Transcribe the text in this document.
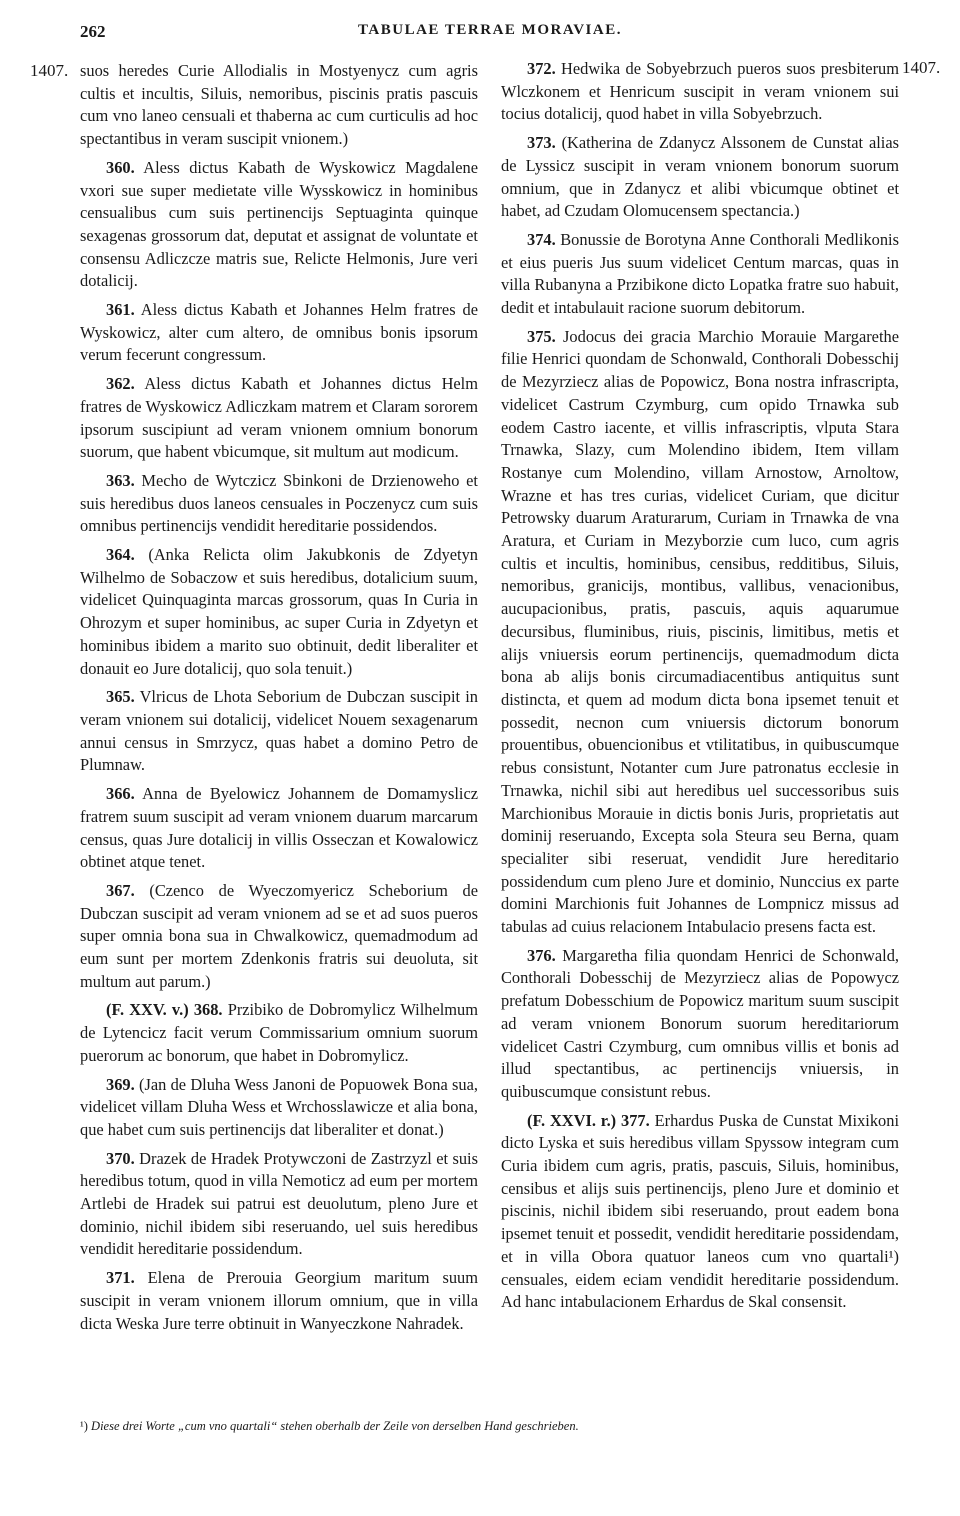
262	TABULAE TERRAE MORAVIAE.
1407.	1407.

suos heredes Curie Allodialis in Mostyenycz cum agris cultis et incultis, Siluis, nemoribus, piscinis pratis pascuis cum vno laneo censuali et thaberna ac cum curticulis ad hoc spectantibus in veram suscipit vnionem.)

360. Aless dictus Kabath de Wyskowicz Magdalene vxori sue super medietate ville Wysskowicz in hominibus censualibus cum suis pertinencijs Septuaginta quinque sexagenas grossorum dat, deputat et assignat de voluntate et consensu Adliczcze matris sue, Relicte Helmonis, Jure veri dotalicij.

361. Aless dictus Kabath et Johannes Helm fratres de Wyskowicz, alter cum altero, de omnibus bonis ipsorum verum fecerunt congressum.

362. Aless dictus Kabath et Johannes dictus Helm fratres de Wyskowicz Adliczkam matrem et Claram sororem ipsorum suscipiunt ad veram vnionem omnium bonorum suorum, que habent vbicumque, sit multum aut modicum.

363. Mecho de Wytczicz Sbinkoni de Drzienoweho et suis heredibus duos laneos censuales in Poczenycz cum suis omnibus pertinencijs vendidit hereditarie possidendos.

364. (Anka Relicta olim Jakubkonis de Zdyetyn Wilhelmo de Sobaczow et suis heredibus, dotalicium suum, videlicet Quinquaginta marcas grossorum, quas In Curia in Ohrozym et super hominibus, ac super Curia in Zdyetyn et hominibus ibidem a marito suo obtinuit, dedit liberaliter et donauit eo Jure dotalicij, quo sola tenuit.)

365. Vlricus de Lhota Seborium de Dubczan suscipit in veram vnionem sui dotalicij, videlicet Nouem sexagenarum annui census in Smrzycz, quas habet a domino Petro de Plumnaw.

366. Anna de Byelowicz Johannem de Domamyslicz fratrem suum suscipit ad veram vnionem duarum marcarum census, quas Jure dotalicij in villis Osseczan et Kowalowicz obtinet atque tenet.

367. (Czenco de Wyeczomyericz Scheborium de Dubczan suscipit ad veram vnionem ad se et ad suos pueros super omnia bona sua in Chwalkowicz, quemadmodum ad eum sunt per mortem Zdenkonis fratris sui deuoluta, sit multum aut parum.)

(F. XXV. v.) 368. Przibiko de Dobromylicz Wilhelmum de Lytencicz facit verum Commissarium omnium suorum puerorum ac bonorum, que habet in Dobromylicz.

369. (Jan de Dluha Wess Janoni de Popuowek Bona sua, videlicet villam Dluha Wess et Wrchosslawicze et alia bona, que habet cum suis pertinencijs dat liberaliter et donat.)

370. Drazek de Hradek Protywczoni de Zastrzyzl et suis heredibus totum, quod in villa Nemoticz ad eum per mortem Artlebi de Hradek sui patrui est deuolutum, pleno Jure et dominio, nichil ibidem sibi reseruando, uel suis heredibus vendidit hereditarie possidendum.

371. Elena de Prerouia Georgium maritum suum suscipit in veram vnionem illorum omnium, que in villa dicta Weska Jure terre obtinuit in Wanyeczkone Nahradek.

372. Hedwika de Sobyebrzuch pueros suos presbiterum Wlczkonem et Henricum suscipit in veram vnionem sui tocius dotalicij, quod habet in villa Sobyebrzuch.

373. (Katherina de Zdanycz Alssonem de Cunstat alias de Lyssicz suscipit in veram vnionem bonorum suorum omnium, que in Zdanycz et alibi vbicumque obtinet et habet, ad Czudam Olomucensem spectancia.)

374. Bonussie de Borotyna Anne Conthorali Medlikonis et eius pueris Jus suum videlicet Centum marcas, quas in villa Rubanyna a Przibikone dicto Lopatka fratre suo habuit, dedit et intabulauit racione suorum debitorum.

375. Jodocus dei gracia Marchio Morauie Margarethe filie Henrici quondam de Schonwald, Conthorali Dobesschij de Mezyrziecz alias de Popowicz, Bona nostra infrascripta, videlicet Castrum Czymburg, cum opido Trnawka sub eodem Castro iacente, et villis infrascriptis, vlputa Stara Trnawka, Slazy, cum Molendino ibidem, Item villam Rostanye cum Molendino, villam Arnostow, Arnoltow, Wrazne et has tres curias, videlicet Curiam, que dicitur Petrowsky duarum Araturarum, Curiam in Trnawka de vna Aratura, et Curiam in Mezyborzie cum luco, cum agris cultis et incultis, hominibus, censibus, redditibus, Siluis, nemoribus, granicijs, montibus, vallibus, venacionibus, aucupacionibus, pratis, pascuis, aquis aquarumue decursibus, fluminibus, riuis, piscinis, limitibus, metis et alijs vniuersis eorum pertinencijs, quemadmodum dicta bona ab alijs bonis circumadiacentibus antiquitus sunt distincta, et quem ad modum dicta bona ipsemet tenuit et possedit, necnon cum vniuersis dictorum bonorum prouentibus, obuencionibus et vtilitatibus, in quibuscumque rebus consistunt, Notanter cum Jure patronatus ecclesie in Trnawka, nichil sibi aut heredibus uel successoribus suis Marchionibus Morauie in dictis bonis Juris, proprietatis aut dominij reseruando, Excepta sola Steura seu Berna, quam specialiter sibi reseruat, vendidit Jure hereditario possidendum cum pleno Jure et dominio, Nunccius ex parte domini Marchionis fuit Johannes de Lompnicz missus ad tabulas ad cuius relacionem Intabulacio presens facta est.

376. Margaretha filia quondam Henrici de Schonwald, Conthorali Dobesschij de Mezyrziecz alias de Popowycz prefatum Dobesschium de Popowicz maritum suum suscipit ad veram vnionem Bonorum suorum hereditariorum videlicet Castri Czymburg, cum omnibus villis et bonis ad illud spectantibus, ac pertinencijs vniuersis, in quibuscumque consistunt rebus.

(F. XXVI. r.) 377. Erhardus Puska de Cunstat Mixikoni dicto Lyska et suis heredibus villam Spyssow integram cum Curia ibidem cum agris, pratis, pascuis, Siluis, hominibus, censibus et alijs suis pertinencijs, pleno Jure et dominio et piscinis, nichil ibidem sibi reseruando, prout eadem bona ipsemet tenuit et possedit, vendidit hereditarie possidendam, et in villa Obora quatuor laneos cum vno quartali¹) censuales, eidem eciam vendidit hereditarie possidendum. Ad hanc intabulacionem Erhardus de Skal consensit.

¹) Diese drei Worte „cum vno quartali“ stehen oberhalb der Zeile von derselben Hand geschrieben.
